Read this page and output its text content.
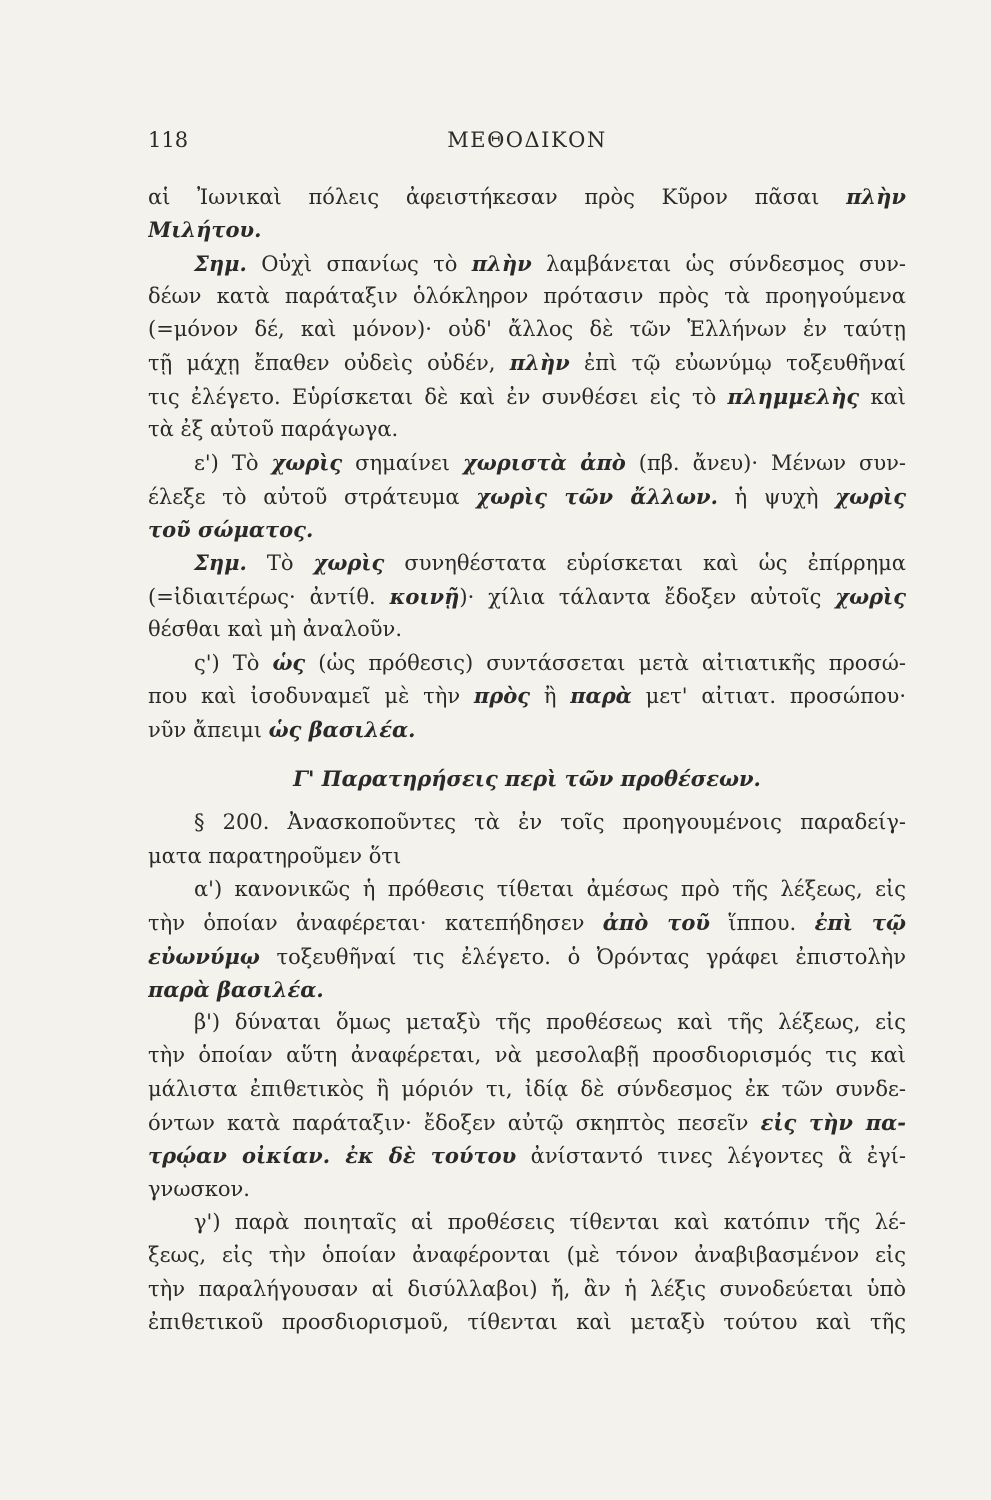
118	ΜΕΘΟΔΙΚΟΝ
αἱ Ἰωνικαὶ πόλεις ἀφειστήκεσαν πρὸς Κῦρον πᾶσαι πλὴν
Μιλήτου.
Σημ. Οὐχὶ σπανίως τὸ πλὴν λαμβάνεται ὡς σύνδεσμος συν-
δέων κατὰ παράταξιν ὁλόκληρον πρότασιν πρὸς τὰ προηγούμενα
(=μόνον δέ, καὶ μόνον)· οὐδ' ἄλλος δὲ τῶν Ἑλλήνων ἐν ταύτῃ
τῇ μάχῃ ἔπαθεν οὐδεὶς οὐδέν, πλὴν ἐπὶ τῷ εὐωνύμῳ τοξευθῆναί
τις ἐλέγετο. Εὑρίσκεται δὲ καὶ ἐν συνθέσει εἰς τὸ πλημμελὴς καὶ
τὰ ἐξ αὐτοῦ παράγωγα.
ε') Τὸ χωρὶς σημαίνει χωριστὰ ἀπὸ (πβ. ἄνευ)· Μένων συν-
έλεξε τὸ αὐτοῦ στράτευμα χωρὶς τῶν ἄλλων. ἡ ψυχὴ χωρὶς
τοῦ σώματος.
Σημ. Τὸ χωρὶς συνηθέστατα εὑρίσκεται καὶ ὡς ἐπίρρημα
(=ἰδιαιτέρως· ἀντίθ. κοινῇ)· χίλια τάλαντα ἔδοξεν αὐτοῖς χωρὶς
θέσθαι καὶ μὴ ἀναλοῦν.
ς') Τὸ ὡς (ὡς πρόθεσις) συντάσσεται μετὰ αἰτιατικῆς προσώ-
που καὶ ἰσοδυναμεῖ μὲ τὴν πρὸς ἢ παρὰ μετ' αἰτιατ. προσώπου·
νῦν ἄπειμι ὡς βασιλέα.
Γ' Παρατηρήσεις περὶ τῶν προθέσεων.
§ 200. Ἀνασκοποῦντες τὰ ἐν τοῖς προηγουμένοις παραδείγ-
ματα παρατηροῦμεν ὅτι
α') κανονικῶς ἡ πρόθεσις τίθεται ἀμέσως πρὸ τῆς λέξεως, εἰς
τὴν ὁποίαν ἀναφέρεται· κατεπήδησεν ἀπὸ τοῦ ἵππου. ἐπὶ τῷ
εὐωνύμῳ τοξευθῆναί τις ἐλέγετο. ὁ Ὀρόντας γράφει ἐπιστολὴν
παρὰ βασιλέα.
β') δύναται ὅμως μεταξὺ τῆς προθέσεως καὶ τῆς λέξεως, εἰς
τὴν ὁποίαν αὕτη ἀναφέρεται, νὰ μεσολαβῇ προσδιορισμός τις καὶ
μάλιστα ἐπιθετικὸς ἢ μόριόν τι, ἰδίᾳ δὲ σύνδεσμος ἐκ τῶν συνδε-
όντων κατὰ παράταξιν· ἔδοξεν αὐτῷ σκηπτὸς πεσεῖν εἰς τὴν πα-
τρῴαν οἰκίαν. ἐκ δὲ τούτου ἀνίσταντό τινες λέγοντες ἃ ἐγί-
γνωσκον.
γ') παρὰ ποιηταῖς αἱ προθέσεις τίθενται καὶ κατόπιν τῆς λέ-
ξεως, εἰς τὴν ὁποίαν ἀναφέρονται (μὲ τόνον ἀναβιβασμένον εἰς
τὴν παραλήγουσαν αἱ δισύλλαβοι) ἤ, ἂν ἡ λέξις συνοδεύεται ὑπὸ
ἐπιθετικοῦ προσδιορισμοῦ, τίθενται καὶ μεταξὺ τούτου καὶ τῆς
